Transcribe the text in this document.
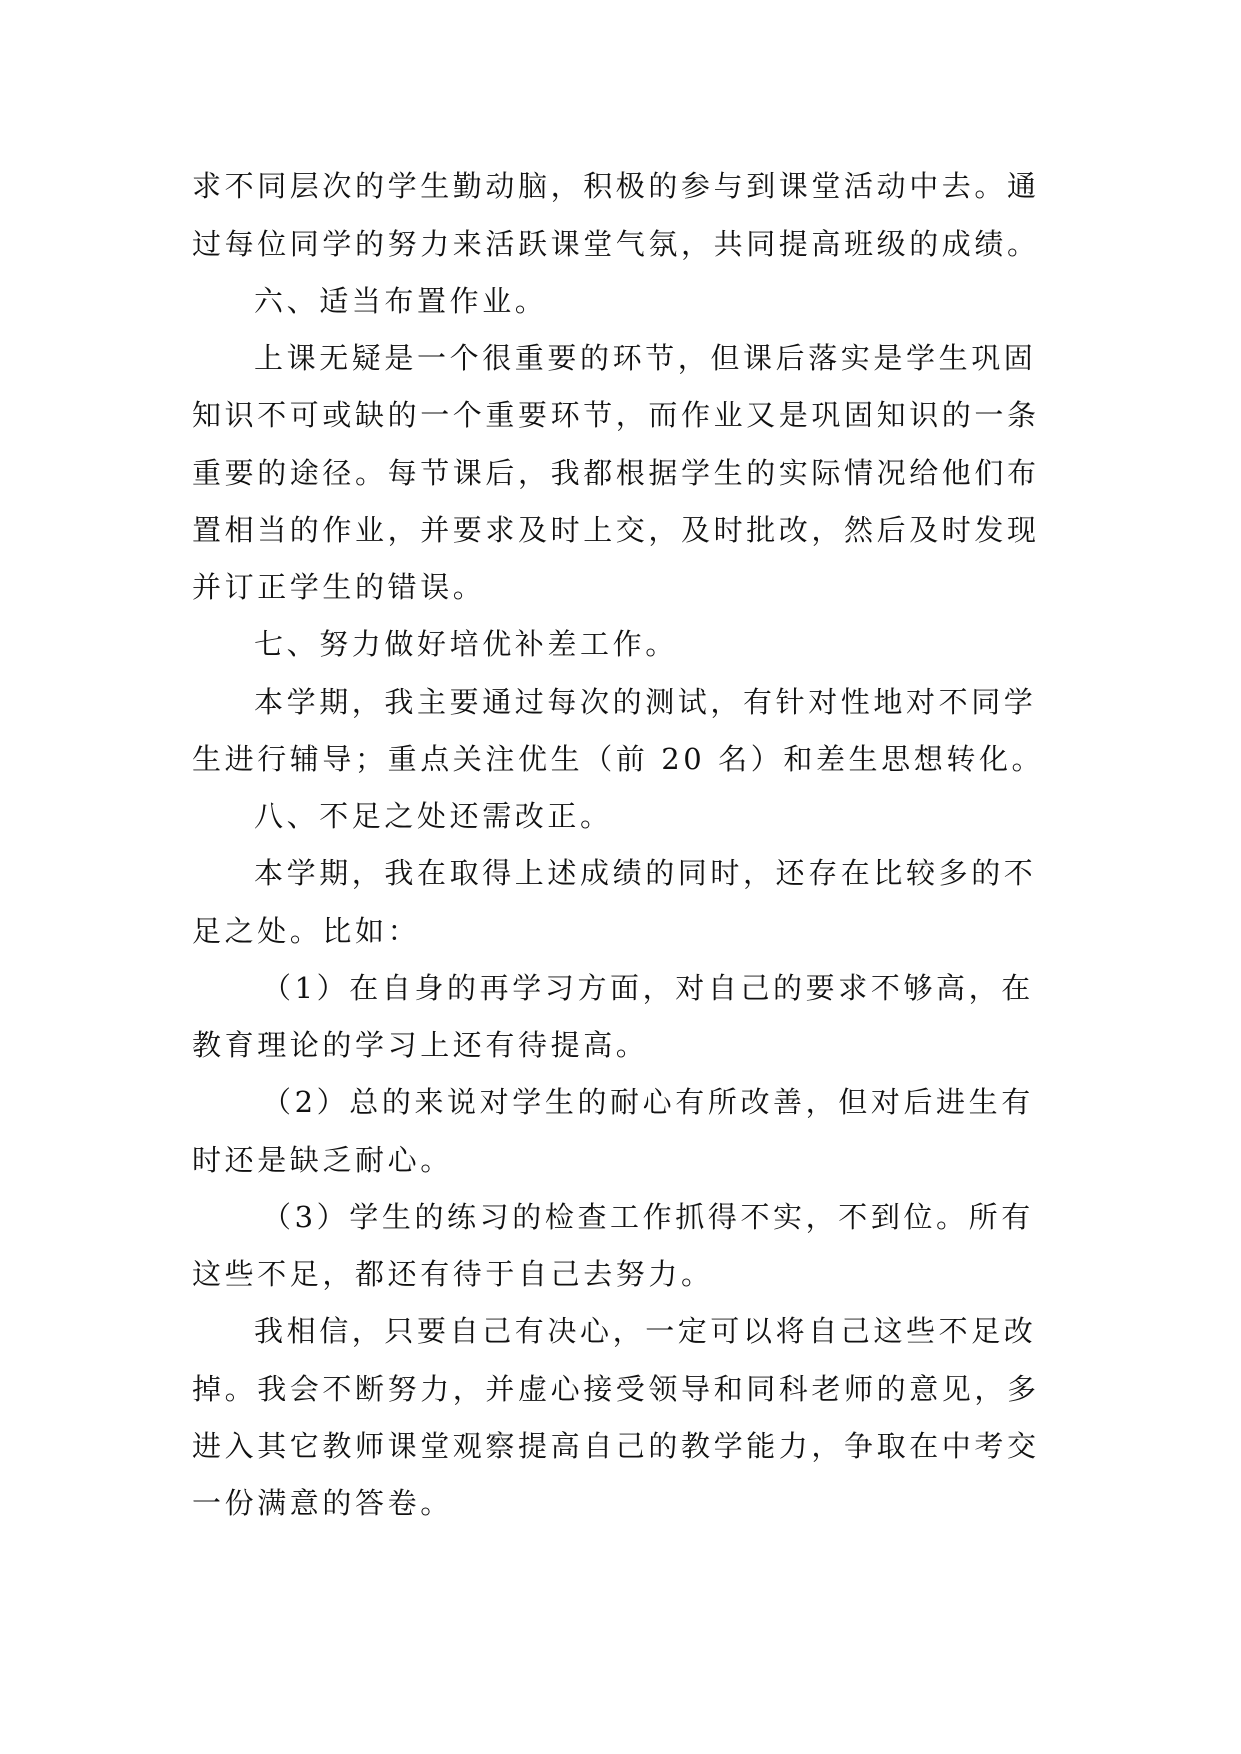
求不同层次的学生勤动脑，积极的参与到课堂活动中去。通
过每位同学的努力来活跃课堂气氛，共同提高班级的成绩。
六、适当布置作业。
上课无疑是一个很重要的环节，但课后落实是学生巩固
知识不可或缺的一个重要环节，而作业又是巩固知识的一条
重要的途径。每节课后，我都根据学生的实际情况给他们布
置相当的作业，并要求及时上交，及时批改，然后及时发现
并订正学生的错误。
七、努力做好培优补差工作。
本学期，我主要通过每次的测试，有针对性地对不同学
生进行辅导；重点关注优生（前 20 名）和差生思想转化。
八、不足之处还需改正。
本学期，我在取得上述成绩的同时，还存在比较多的不
足之处。比如：
（1）在自身的再学习方面，对自己的要求不够高，在
教育理论的学习上还有待提高。
（2）总的来说对学生的耐心有所改善，但对后进生有
时还是缺乏耐心。
（3）学生的练习的检查工作抓得不实，不到位。所有
这些不足，都还有待于自己去努力。
我相信，只要自己有决心，一定可以将自己这些不足改
掉。我会不断努力，并虚心接受领导和同科老师的意见，多
进入其它教师课堂观察提高自己的教学能力，争取在中考交
一份满意的答卷。
